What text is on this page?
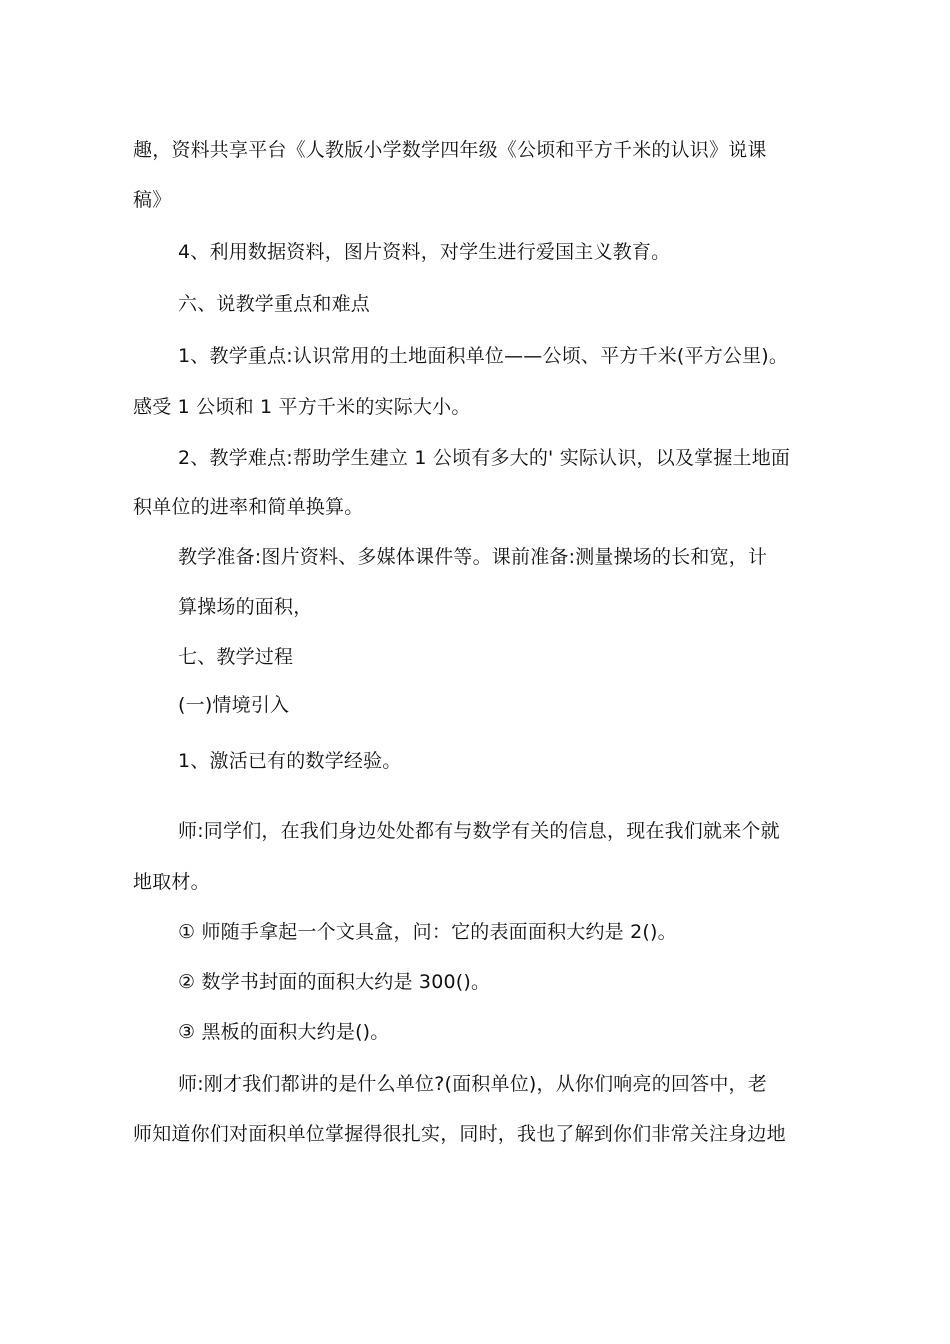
趣，资料共享平台《人教版小学数学四年级《公顷和平方千米的认识》说课
稿》
4、利用数据资料，图片资料，对学生进行爱国主义教育。
六、说教学重点和难点
1、教学重点:认识常用的土地面积单位——公顷、平方千米(平方公里)。
感受 1 公顷和 1 平方千米的实际大小。
2、教学难点:帮助学生建立 1 公顷有多大的' 实际认识，以及掌握土地面
积单位的进率和简单换算。
教学准备:图片资料、多媒体课件等。课前准备:测量操场的长和宽，计
算操场的面积，
七、教学过程
(一)情境引入
1、激活已有的数学经验。
师:同学们，在我们身边处处都有与数学有关的信息，现在我们就来个就
地取材。
① 师随手拿起一个文具盒，问：它的表面面积大约是 2()。
② 数学书封面的面积大约是 300()。
③ 黑板的面积大约是()。
师:刚才我们都讲的是什么单位?(面积单位)，从你们响亮的回答中，老
师知道你们对面积单位掌握得很扎实，同时，我也了解到你们非常关注身边地
